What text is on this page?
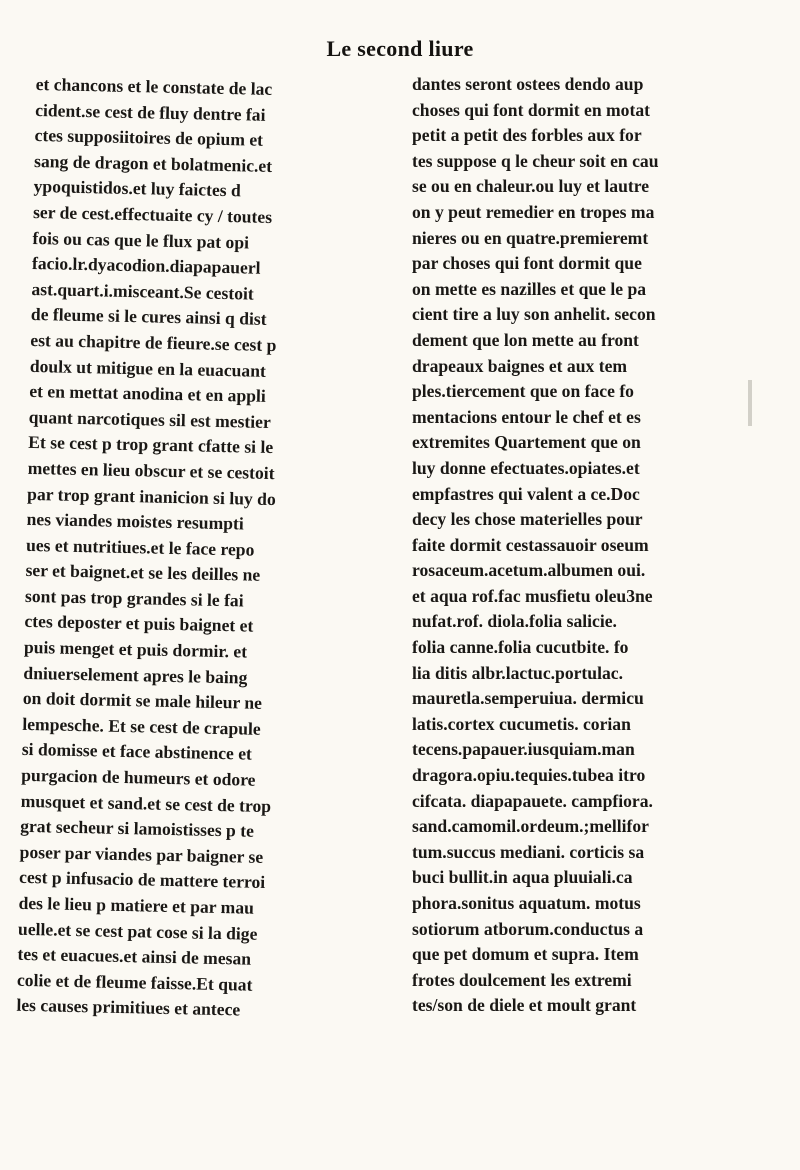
Le second liure
et chancons et le constate de lac
cident.se cest de fluy dentre fai
ctes supposiitoires de opium et
sang de dragon et bolatmenic.et
ypoquistidos.et luy faictes d
ser de cest.effectuaite cy / toutes
fois ou cas que le flux pat opi
facio.lr.dyacodion.diapapauerl
ast.quart.i.misceant.Se cestoit
de fleume si le cures ainsi q dist
est au chapitre de fieure.se cest p
doulx ut mitigue en la euacuant
et en mettat anodina et en appli
quant narcotiques sil est mestier
Et se cest p trop grant cfatte si le
mettes en lieu obscur et se cestoit
par trop grant inanicion si luy do
nes viandes moistes resumpti
ues et nutritiues.et le face repo
ser et baignet.et se les deilles ne
sont pas trop grandes si le fai
ctes deposter et puis baignet et
puis menget et puis dormir. et
dniuerselement apres le baing
on doit dormit se male hileur ne
lempesche. Et se cest de crapule
si domisse et face abstinence et
purgacion de humeurs et odore
musquet et sand.et se cest de trop
grat secheur si lamoistisses p te
poser par viandes par baigner se
cest p infusacio de mattere terroi
des le lieu p matiere et par mau
uelle.et se cest pat cose si la dige
tes et euacues.et ainsi de mesan
colie et de fleume faisse.Et quat
les causes primitiues et antece
dantes seront ostees dendo aup
choses qui font dormit en motat
petit a petit des forbles aux for
tes suppose q le cheur soit en cau
se ou en chaleur.ou luy et lautre
on y peut remedier en tropes ma
nieres ou en quatre.premieremt
par choses qui font dormit que
on mette es nazilles et que le pa
cient tire a luy son anhelit. secon
dement que lon mette au front
drapeaux baignes et aux tem
ples.tiercement que on face fo
mentacions entour le chef et es
extremites Quartement que on
luy donne efectuates.opiates.et
empfastres qui valent a ce.Doc
decy les chose materielles pour
faite dormit cestassauoir oseum
rosaceum.acetum.albumen oui.
et aqua rof.fac musfietu oleu3ne
nufat.rof. diola.folia salicie.
folia canne.folia cucutbite. fo
lia ditis albr.lactuc.portulac.
mauretla.semperuiua. dermicu
latis.cortex cucumetis. corian
tecens.papauer.iusquiam.man
dragora.opiu.tequies.tubea itro
cifcata. diapapauete. campfiora.
sand.camomil.ordeum.;mellifor
tum.succus mediani. corticis sa
buci bullit.in aqua pluuiali.ca
phora.sonitus aquatum. motus
sotiorum atborum.conductus a
que pet domum et supra. Item
frotes doulcement les extremi
tes/son de diele et moult grant
